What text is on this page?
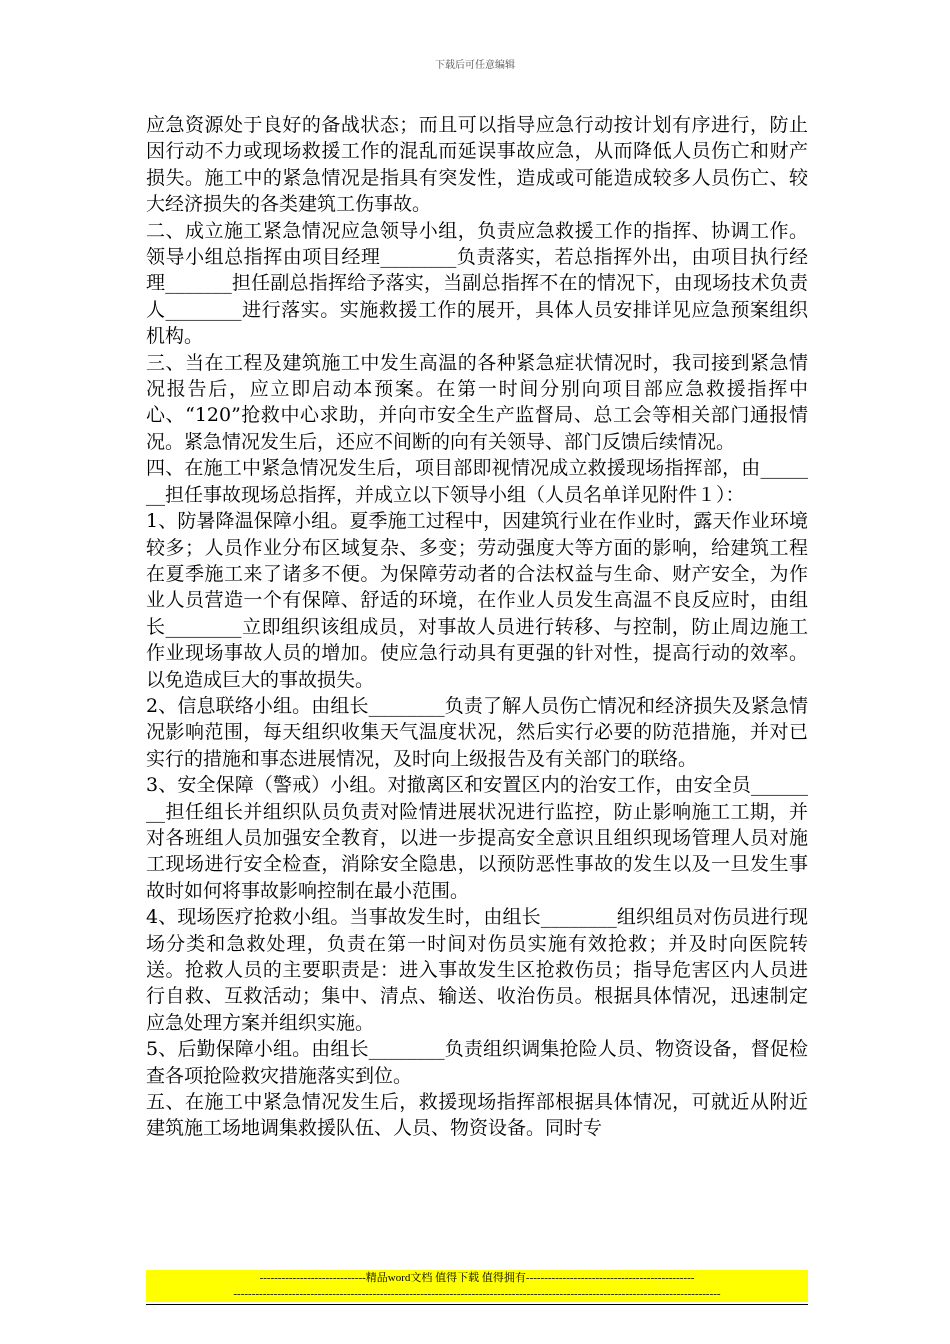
下载后可任意编辑

应急资源处于良好的备战状态；而且可以指导应急行动按计划有序进行，防止因行动不力或现场救援工作的混乱而延误事故应急，从而降低人员伤亡和财产损失。施工中的紧急情况是指具有突发性，造成或可能造成较多人员伤亡、较大经济损失的各类建筑工伤事故。

二、成立施工紧急情况应急领导小组，负责应急救援工作的指挥、协调工作。领导小组总指挥由项目经理________负责落实，若总指挥外出，由项目执行经理_______担任副总指挥给予落实，当副总指挥不在的情况下，由现场技术负责人________进行落实。实施救援工作的展开，具体人员安排详见应急预案组织机构。

三、当在工程及建筑施工中发生高温的各种紧急症状情况时，我司接到紧急情况报告后，应立即启动本预案。在第一时间分别向项目部应急救援指挥中心、“120”抢救中心求助，并向市安全生产监督局、总工会等相关部门通报情况。紧急情况发生后，还应不间断的向有关领导、部门反馈后续情况。

四、在施工中紧急情况发生后，项目部即视情况成立救援现场指挥部，由_______担任事故现场总指挥，并成立以下领导小组（人员名单详见附件１）：

1、防暑降温保障小组。夏季施工过程中，因建筑行业在作业时，露天作业环境较多；人员作业分布区域复杂、多变；劳动强度大等方面的影响，给建筑工程在夏季施工来了诸多不便。为保障劳动者的合法权益与生命、财产安全，为作业人员营造一个有保障、舒适的环境，在作业人员发生高温不良反应时，由组长________立即组织该组成员，对事故人员进行转移、与控制，防止周边施工作业现场事故人员的增加。使应急行动具有更强的针对性，提高行动的效率。以免造成巨大的事故损失。

2、信息联络小组。由组长________负责了解人员伤亡情况和经济损失及紧急情况影响范围，每天组织收集天气温度状况，然后实行必要的防范措施，并对已实行的措施和事态进展情况，及时向上级报告及有关部门的联络。

3、安全保障（警戒）小组。对撤离区和安置区内的治安工作，由安全员________担任组长并组织队员负责对险情进展状况进行监控，防止影响施工工期，并对各班组人员加强安全教育，以进一步提高安全意识且组织现场管理人员对施工现场进行安全检查，消除安全隐患，以预防恶性事故的发生以及一旦发生事故时如何将事故影响控制在最小范围。

4、现场医疗抢救小组。当事故发生时，由组长________组织组员对伤员进行现场分类和急救处理，负责在第一时间对伤员实施有效抢救；并及时向医院转送。抢救人员的主要职责是：进入事故发生区抢救伤员；指导危害区内人员进行自救、互救活动；集中、清点、输送、收治伤员。根据具体情况，迅速制定应急处理方案并组织实施。

5、后勤保障小组。由组长________负责组织调集抢险人员、物资设备，督促检查各项抢险救灾措施落实到位。

五、在施工中紧急情况发生后，救援现场指挥部根据具体情况，可就近从附近建筑施工场地调集救援队伍、人员、物资设备。同时专

-----------------------------精品word文档 值得下载 值得拥有----------------------------------------------
-------------------------------------------------------------------------------------------------------------------------------------
